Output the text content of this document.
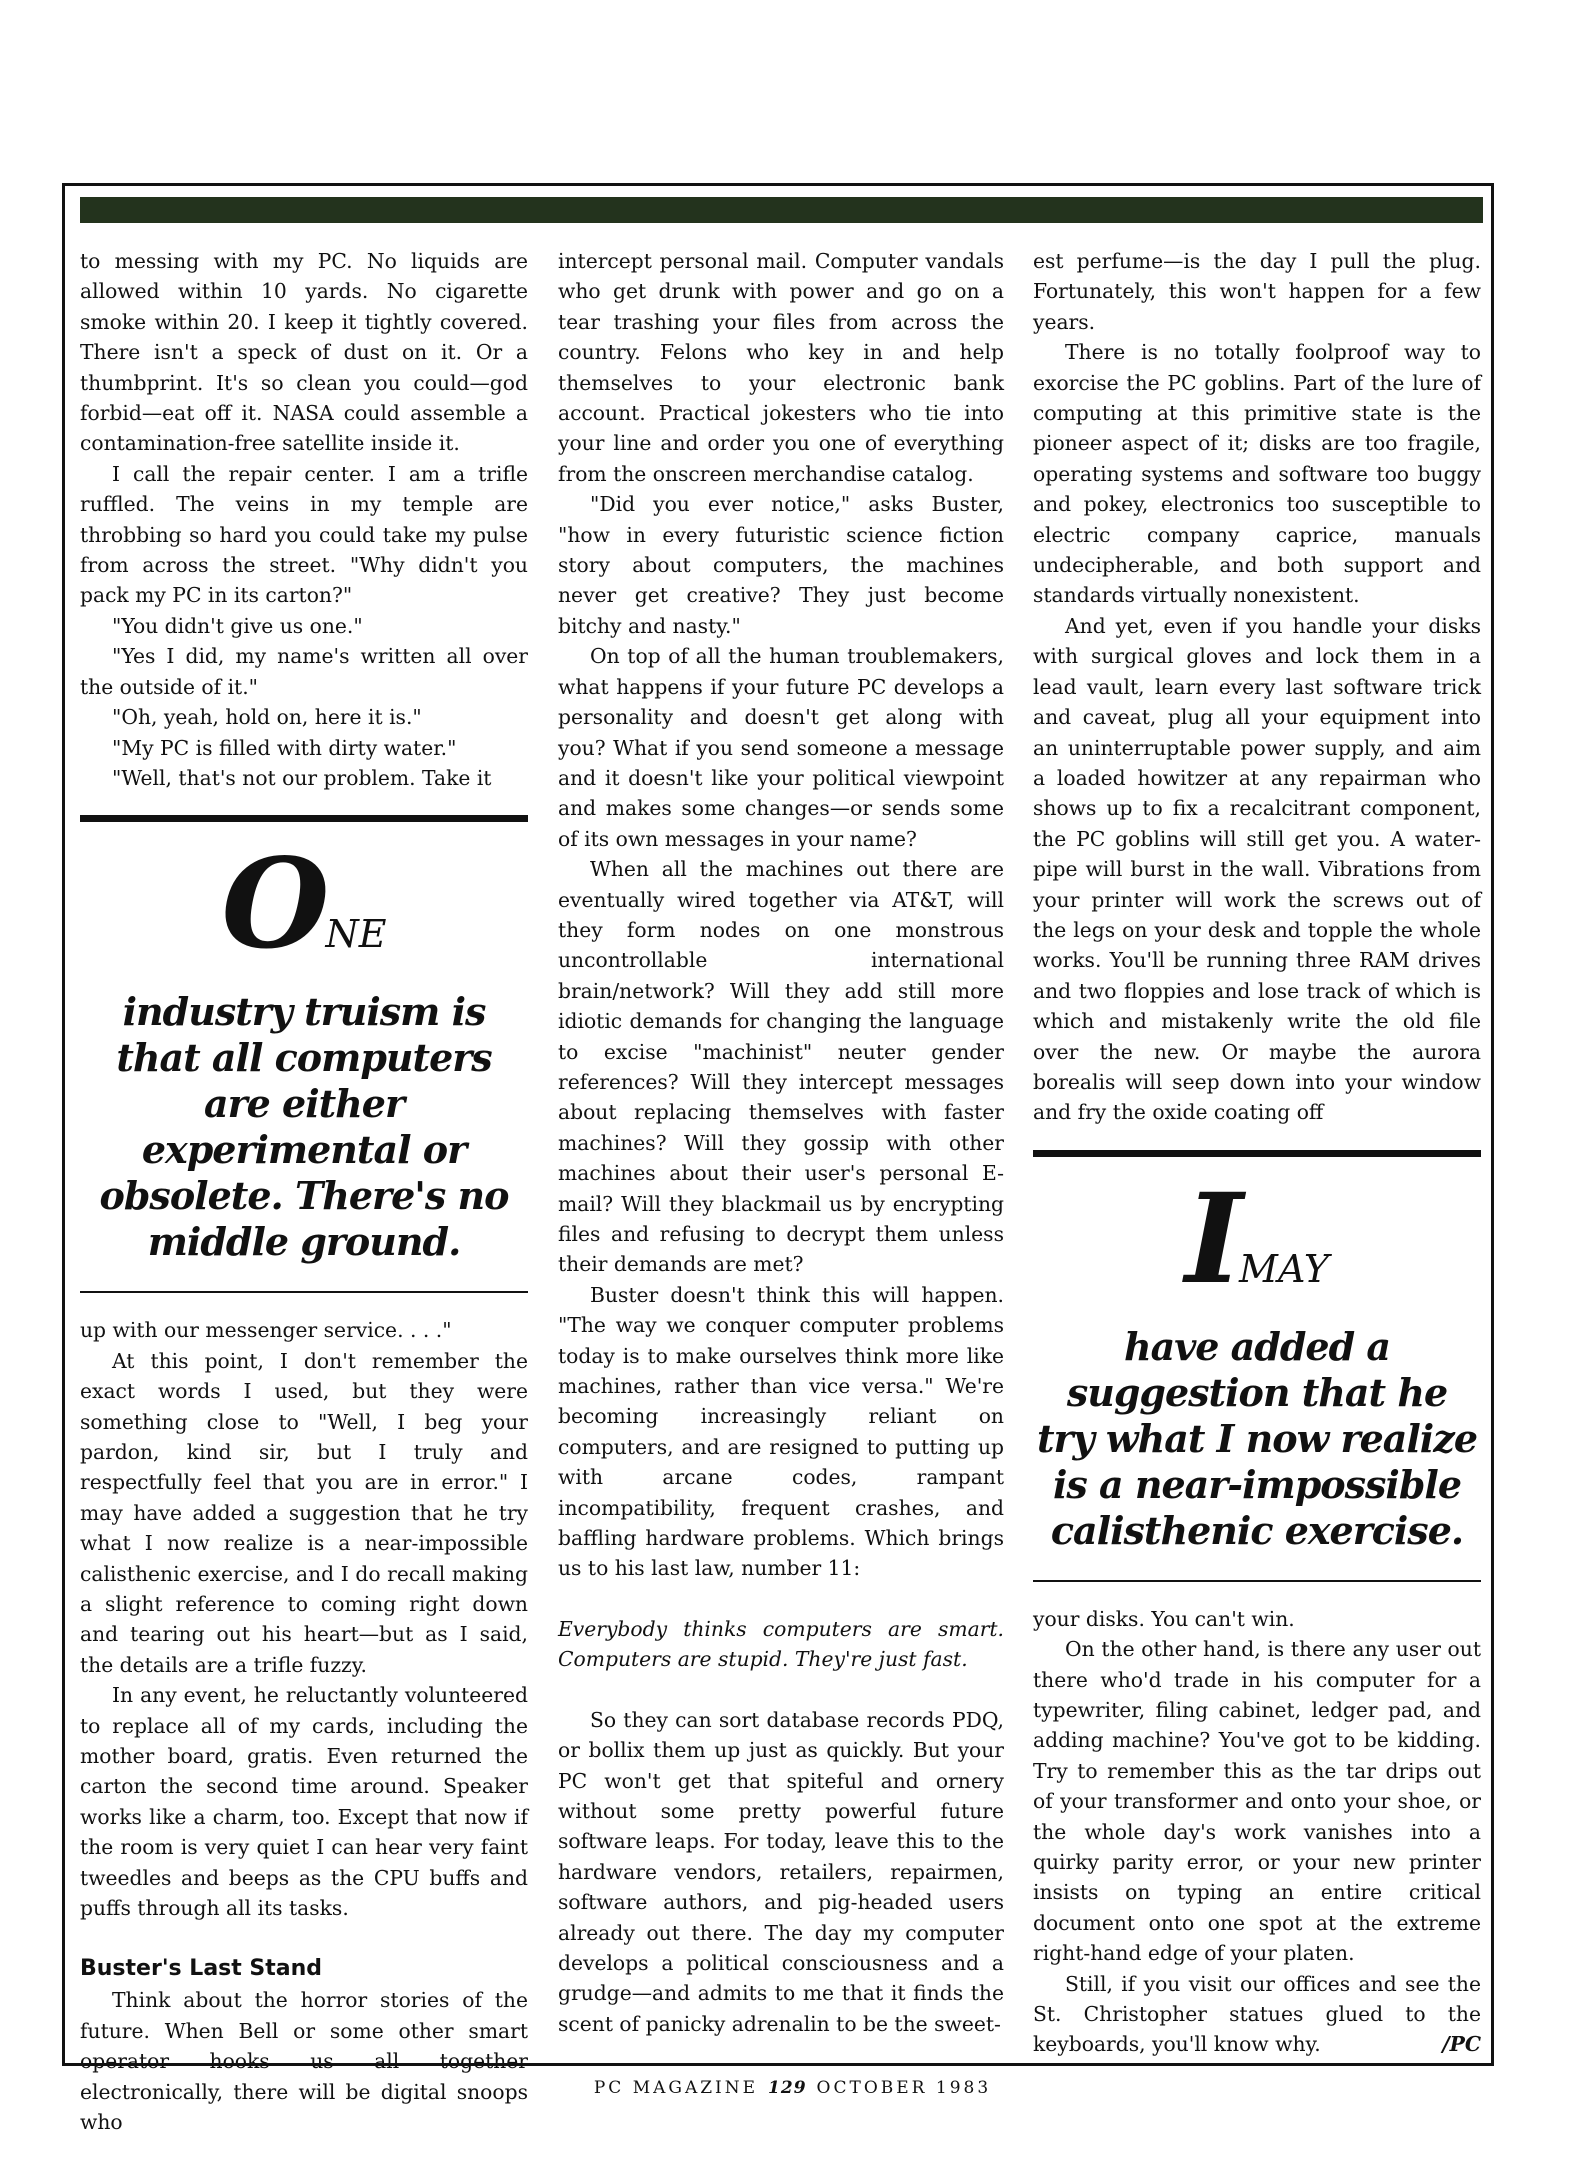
to messing with my PC. No liquids are allowed within 10 yards. No cigarette smoke within 20. I keep it tightly covered. There isn't a speck of dust on it. Or a thumbprint. It's so clean you could—god forbid—eat off it. NASA could assemble a contamination-free satellite inside it.

I call the repair center. I am a trifle ruffled. The veins in my temple are throbbing so hard you could take my pulse from across the street. "Why didn't you pack my PC in its carton?"

"You didn't give us one."

"Yes I did, my name's written all over the outside of it."

"Oh, yeah, hold on, here it is."

"My PC is filled with dirty water."

"Well, that's not our problem. Take it

ONE
industry truism is that all computers are either experimental or obsolete. There's no middle ground.

up with our messenger service. . . ."

At this point, I don't remember the exact words I used, but they were something close to "Well, I beg your pardon, kind sir, but I truly and respectfully feel that you are in error." I may have added a suggestion that he try what I now realize is a near-impossible calisthenic exercise, and I do recall making a slight reference to coming right down and tearing out his heart—but as I said, the details are a trifle fuzzy.

In any event, he reluctantly volunteered to replace all of my cards, including the mother board, gratis. Even returned the carton the second time around. Speaker works like a charm, too. Except that now if the room is very quiet I can hear very faint tweedles and beeps as the CPU buffs and puffs through all its tasks.

Buster's Last Stand

Think about the horror stories of the future. When Bell or some other smart operator hooks us all together electronically, there will be digital snoops who

intercept personal mail. Computer vandals who get drunk with power and go on a tear trashing your files from across the country. Felons who key in and help themselves to your electronic bank account. Practical jokesters who tie into your line and order you one of everything from the onscreen merchandise catalog.

"Did you ever notice," asks Buster, "how in every futuristic science fiction story about computers, the machines never get creative? They just become bitchy and nasty."

On top of all the human troublemakers, what happens if your future PC develops a personality and doesn't get along with you? What if you send someone a message and it doesn't like your political viewpoint and makes some changes—or sends some of its own messages in your name?

When all the machines out there are eventually wired together via AT&T, will they form nodes on one monstrous uncontrollable international brain/network? Will they add still more idiotic demands for changing the language to excise "machinist" neuter gender references? Will they intercept messages about replacing themselves with faster machines? Will they gossip with other machines about their user's personal E-mail? Will they blackmail us by encrypting files and refusing to decrypt them unless their demands are met?

Buster doesn't think this will happen. "The way we conquer computer problems today is to make ourselves think more like machines, rather than vice versa." We're becoming increasingly reliant on computers, and are resigned to putting up with arcane codes, rampant incompatibility, frequent crashes, and baffling hardware problems. Which brings us to his last law, number 11:

Everybody thinks computers are smart. Computers are stupid. They're just fast.

So they can sort database records PDQ, or bollix them up just as quickly. But your PC won't get that spiteful and ornery without some pretty powerful future software leaps. For today, leave this to the hardware vendors, retailers, repairmen, software authors, and pig-headed users already out there. The day my computer develops a political consciousness and a grudge—and admits to me that it finds the scent of panicky adrenalin to be the sweet-

est perfume—is the day I pull the plug. Fortunately, this won't happen for a few years.

There is no totally foolproof way to exorcise the PC goblins. Part of the lure of computing at this primitive state is the pioneer aspect of it; disks are too fragile, operating systems and software too buggy and pokey, electronics too susceptible to electric company caprice, manuals undecipherable, and both support and standards virtually nonexistent.

And yet, even if you handle your disks with surgical gloves and lock them in a lead vault, learn every last software trick and caveat, plug all your equipment into an uninterruptable power supply, and aim a loaded howitzer at any repairman who shows up to fix a recalcitrant component, the PC goblins will still get you. A water-pipe will burst in the wall. Vibrations from your printer will work the screws out of the legs on your desk and topple the whole works. You'll be running three RAM drives and two floppies and lose track of which is which and mistakenly write the old file over the new. Or maybe the aurora borealis will seep down into your window and fry the oxide coating off

IMAY
have added a suggestion that he try what I now realize is a near-impossible calisthenic exercise.

your disks. You can't win.

On the other hand, is there any user out there who'd trade in his computer for a typewriter, filing cabinet, ledger pad, and adding machine? You've got to be kidding. Try to remember this as the tar drips out of your transformer and onto your shoe, or the whole day's work vanishes into a quirky parity error, or your new printer insists on typing an entire critical document onto one spot at the extreme right-hand edge of your platen.

Still, if you visit our offices and see the St. Christopher statues glued to the keyboards, you'll know why.	/PC

PC MAGAZINE 129 OCTOBER 1983
